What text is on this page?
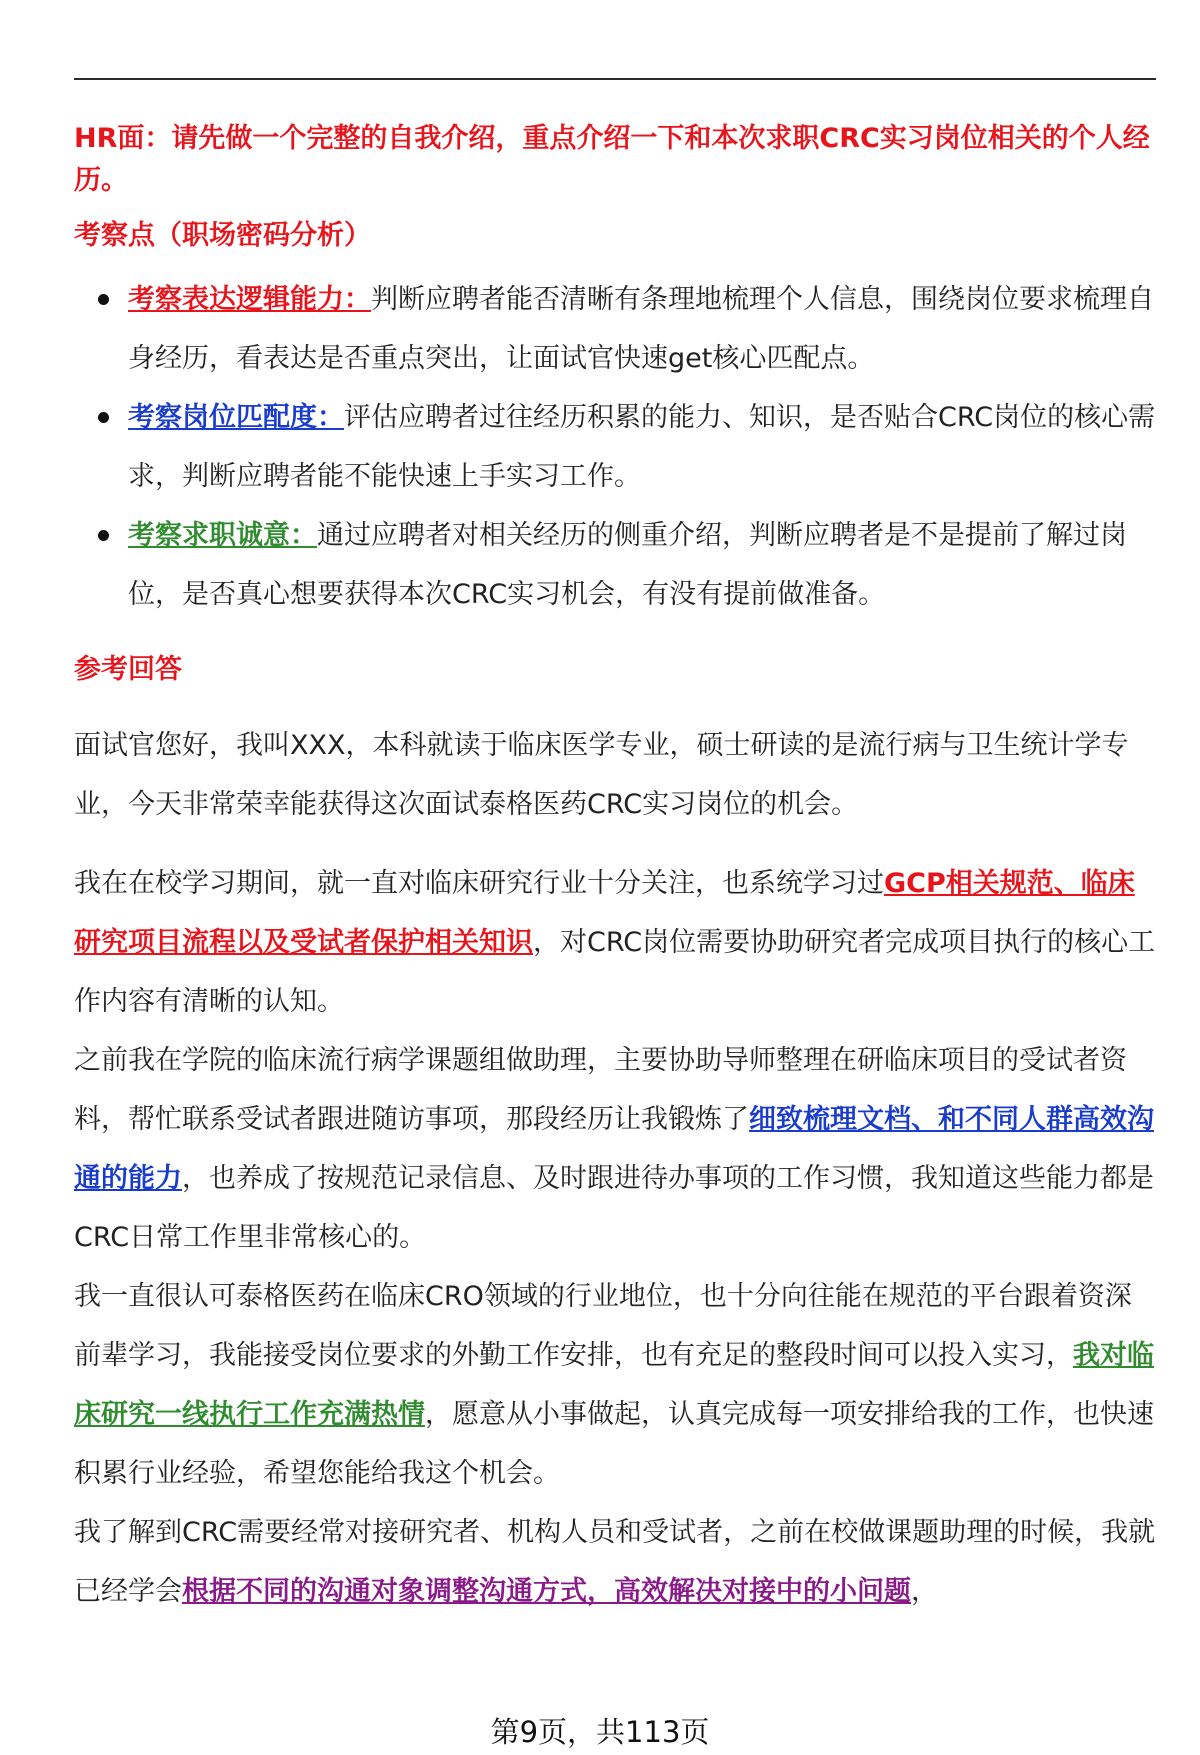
HR面：请先做一个完整的自我介绍，重点介绍一下和本次求职CRC实习岗位相关的个人经历。

考察点（职场密码分析）
考察表达逻辑能力：判断应聘者能否清晰有条理地梳理个人信息，围绕岗位要求梳理自身经历，看表达是否重点突出，让面试官快速get核心匹配点。
考察岗位匹配度：评估应聘者过往经历积累的能力、知识，是否贴合CRC岗位的核心需求，判断应聘者能不能快速上手实习工作。
考察求职诚意：通过应聘者对相关经历的侧重介绍，判断应聘者是不是提前了解过岗位，是否真心想要获得本次CRC实习机会，有没有提前做准备。
参考回答

面试官您好，我叫XXX，本科就读于临床医学专业，硕士研读的是流行病与卫生统计学专业，今天非常荣幸能获得这次面试泰格医药CRC实习岗位的机会。

我在在校学习期间，就一直对临床研究行业十分关注，也系统学习过GCP相关规范、临床研究项目流程以及受试者保护相关知识，对CRC岗位需要协助研究者完成项目执行的核心工作内容有清晰的认知。

之前我在学院的临床流行病学课题组做助理，主要协助导师整理在研临床项目的受试者资料，帮忙联系受试者跟进随访事项，那段经历让我锻炼了细致梳理文档、和不同人群高效沟通的能力，也养成了按规范记录信息、及时跟进待办事项的工作习惯，我知道这些能力都是CRC日常工作里非常核心的。

我一直很认可泰格医药在临床CRO领域的行业地位，也十分向往能在规范的平台跟着资深前辈学习，我能接受岗位要求的外勤工作安排，也有充足的整段时间可以投入实习，我对临床研究一线执行工作充满热情，愿意从小事做起，认真完成每一项安排给我的工作，也快速积累行业经验，希望您能给我这个机会。

我了解到CRC需要经常对接研究者、机构人员和受试者，之前在校做课题助理的时候，我就已经学会根据不同的沟通对象调整沟通方式，高效解决对接中的小问题，

第9页，共113页
